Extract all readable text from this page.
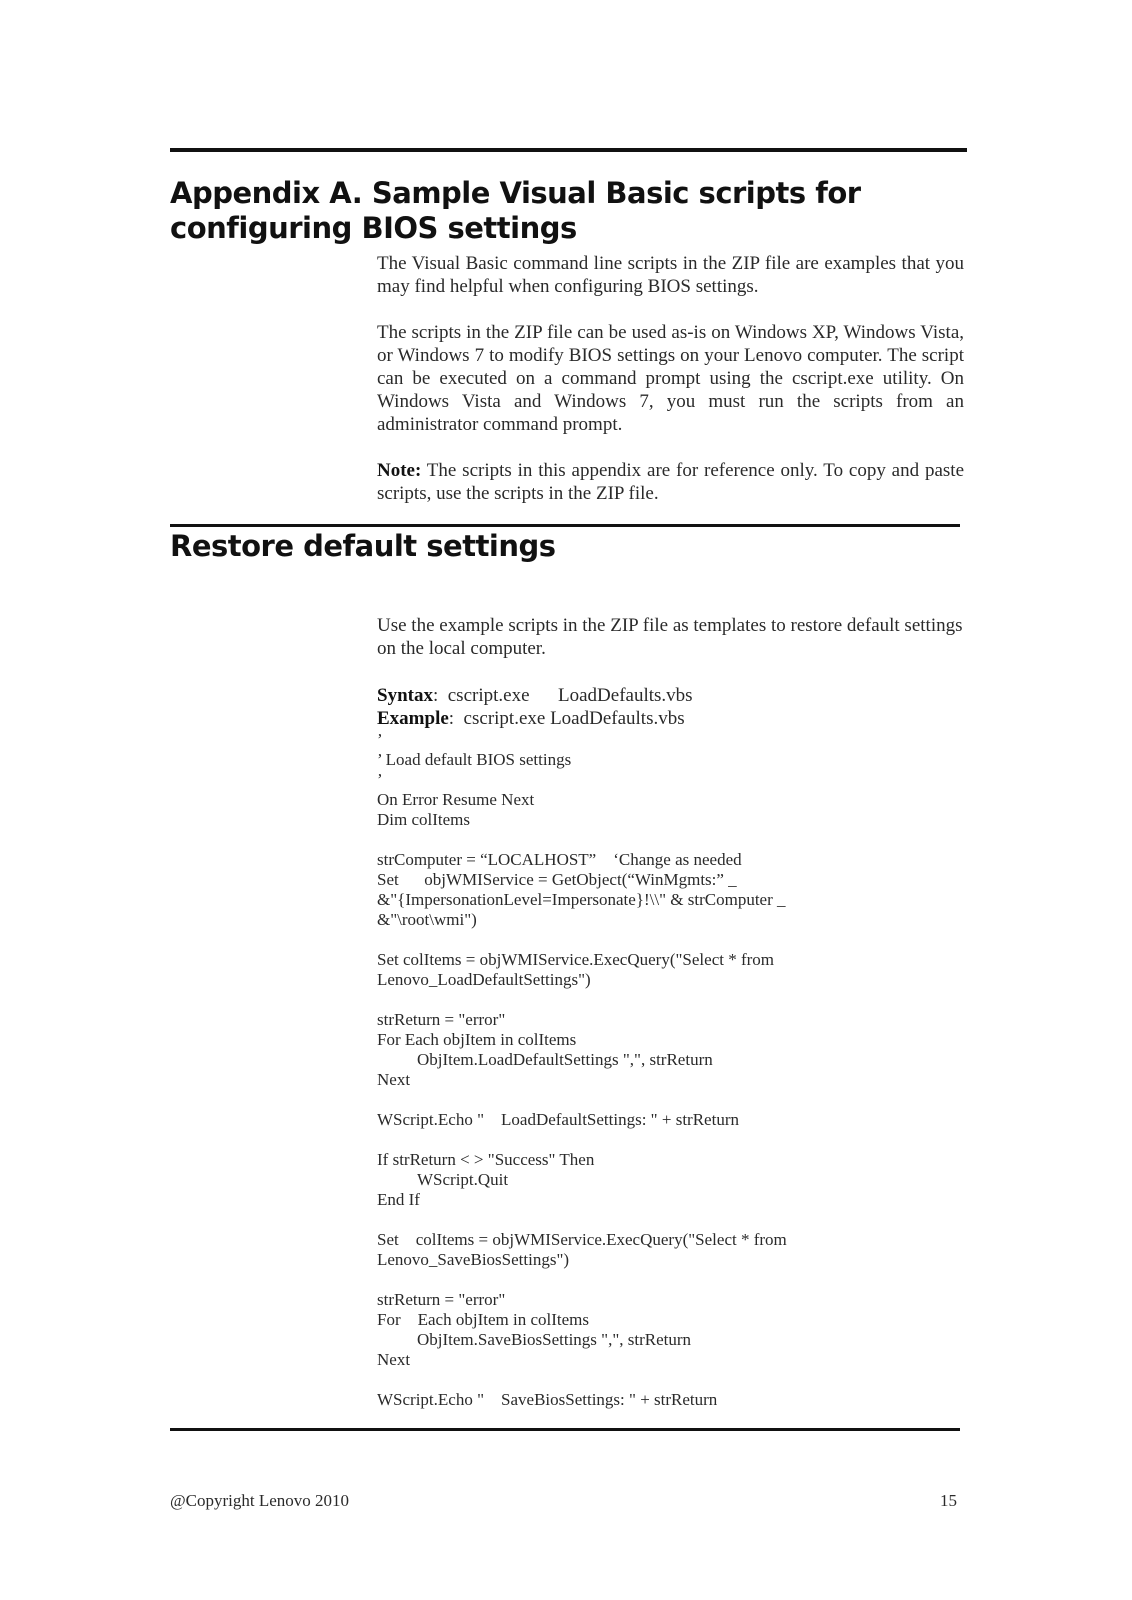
Appendix A. Sample Visual Basic scripts for configuring BIOS settings

The Visual Basic command line scripts in the ZIP file are examples that you may find helpful when configuring BIOS settings.

The scripts in the ZIP file can be used as-is on Windows XP, Windows Vista, or Windows 7 to modify BIOS settings on your Lenovo computer. The script can be executed on a command prompt using the cscript.exe utility. On Windows Vista and Windows 7, you must run the scripts from an administrator command prompt.

Note: The scripts in this appendix are for reference only. To copy and paste scripts, use the scripts in the ZIP file.

Restore default settings

Use the example scripts in the ZIP file as templates to restore default settings on the local computer.

Syntax:  cscript.exe      LoadDefaults.vbs
Example:  cscript.exe LoadDefaults.vbs
’
’ Load default BIOS settings
’
On Error Resume Next
Dim colItems
strComputer = “LOCALHOST”    ‘Change as needed
Set      objWMIService = GetObject(“WinMgmts:” _
&"{ImpersonationLevel=Impersonate}!\\" & strComputer _
&"\root\wmi")
Set colItems = objWMIService.ExecQuery("Select * from
Lenovo_LoadDefaultSettings")
strReturn = "error"
For Each objItem in colItems
ObjItem.LoadDefaultSettings ",", strReturn
Next
WScript.Echo "    LoadDefaultSettings: " + strReturn
If strReturn < > "Success" Then
WScript.Quit
End If
Set    colItems = objWMIService.ExecQuery("Select * from
Lenovo_SaveBiosSettings")
strReturn = "error"
For    Each objItem in colItems
ObjItem.SaveBiosSettings ",", strReturn
Next
WScript.Echo "    SaveBiosSettings: " + strReturn
@Copyright Lenovo 2010	15
